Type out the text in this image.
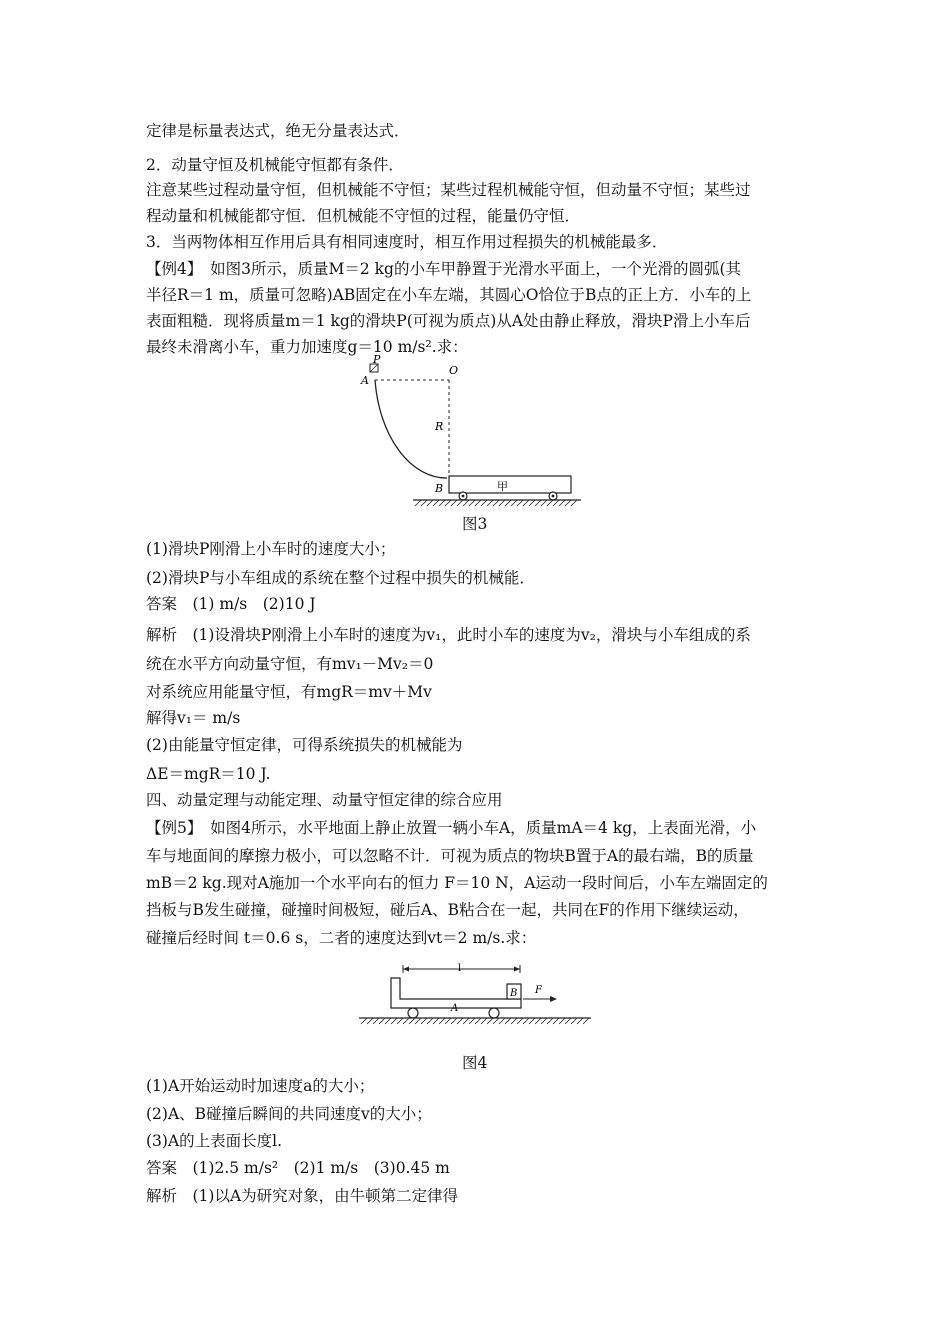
定律是标量表达式，绝无分量表达式．
2．动量守恒及机械能守恒都有条件．
注意某些过程动量守恒，但机械能不守恒；某些过程机械能守恒，但动量不守恒；某些过
程动量和机械能都守恒．但机械能不守恒的过程，能量仍守恒．
3．当两物体相互作用后具有相同速度时，相互作用过程损失的机械能最多．
【例4】　如图3所示，质量M＝2 kg的小车甲静置于光滑水平面上，一个光滑的圆弧(其
半径R＝1 m，质量可忽略)AB固定在小车左端，其圆心O恰位于B点的正上方．小车的上
表面粗糙．现将质量m＝1 kg的滑块P(可视为质点)从A处由静止释放，滑块P滑上小车后
最终未滑离小车，重力加速度g＝10 m/s².求：
P
A
O
R
B	甲
图3
(1)滑块P刚滑上小车时的速度大小；
(2)滑块P与小车组成的系统在整个过程中损失的机械能．
答案　(1) m/s　(2)10 J
解析　(1)设滑块P刚滑上小车时的速度为v₁，此时小车的速度为v₂，滑块与小车组成的系
统在水平方向动量守恒，有mv₁－Mv₂＝0
对系统应用能量守恒，有mgR＝mv＋Mv
解得v₁＝ m/s
(2)由能量守恒定律，可得系统损失的机械能为
ΔE＝mgR＝10 J.
四、动量定理与动能定理、动量守恒定律的综合应用
【例5】　如图4所示，水平地面上静止放置一辆小车A，质量mA＝4 kg，上表面光滑，小
车与地面间的摩擦力极小，可以忽略不计．可视为质点的物块B置于A的最右端，B的质量
mB＝2 kg.现对A施加一个水平向右的恒力 F＝10 N，A运动一段时间后，小车左端固定的
挡板与B发生碰撞，碰撞时间极短，碰后A、B粘合在一起，共同在F的作用下继续运动，
碰撞后经时间 t＝0.6 s，二者的速度达到vt＝2 m/s.求：
l
B
A
F
图4
(1)A开始运动时加速度a的大小；
(2)A、B碰撞后瞬间的共同速度v的大小；
(3)A的上表面长度l.
答案　(1)2.5 m/s²　(2)1 m/s　(3)0.45 m
解析　(1)以A为研究对象，由牛顿第二定律得
